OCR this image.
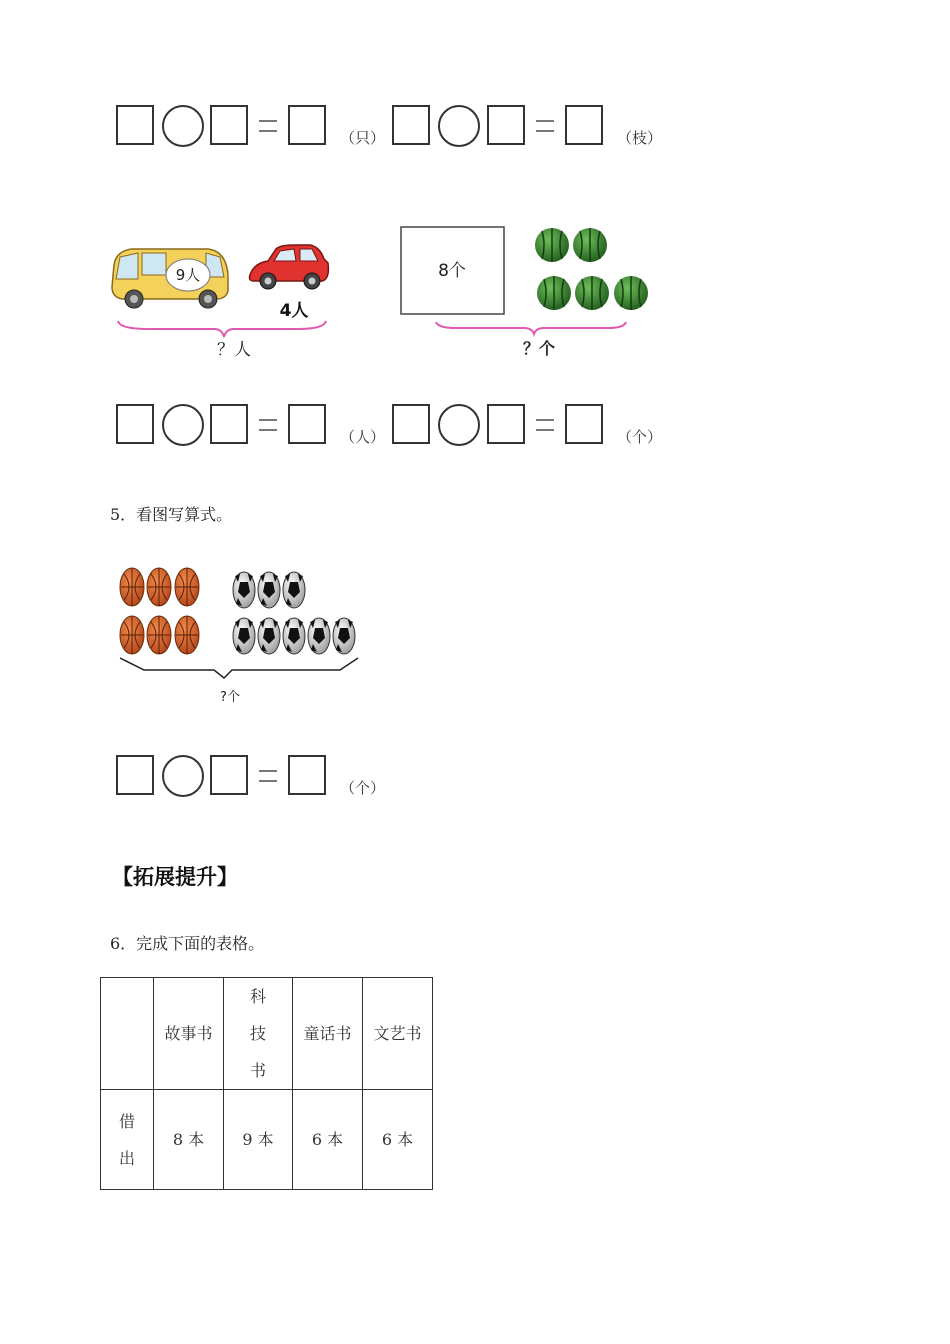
（只）	（枝）
9人
4人
？人
8个
？个
（人）	（个）
5．看图写算式。
?个
（个）
【拓展提升】
6．完成下面的表格。
	故事书	科技书	童话书	文艺书

借出	8 本	9 本	6 本	6 本
